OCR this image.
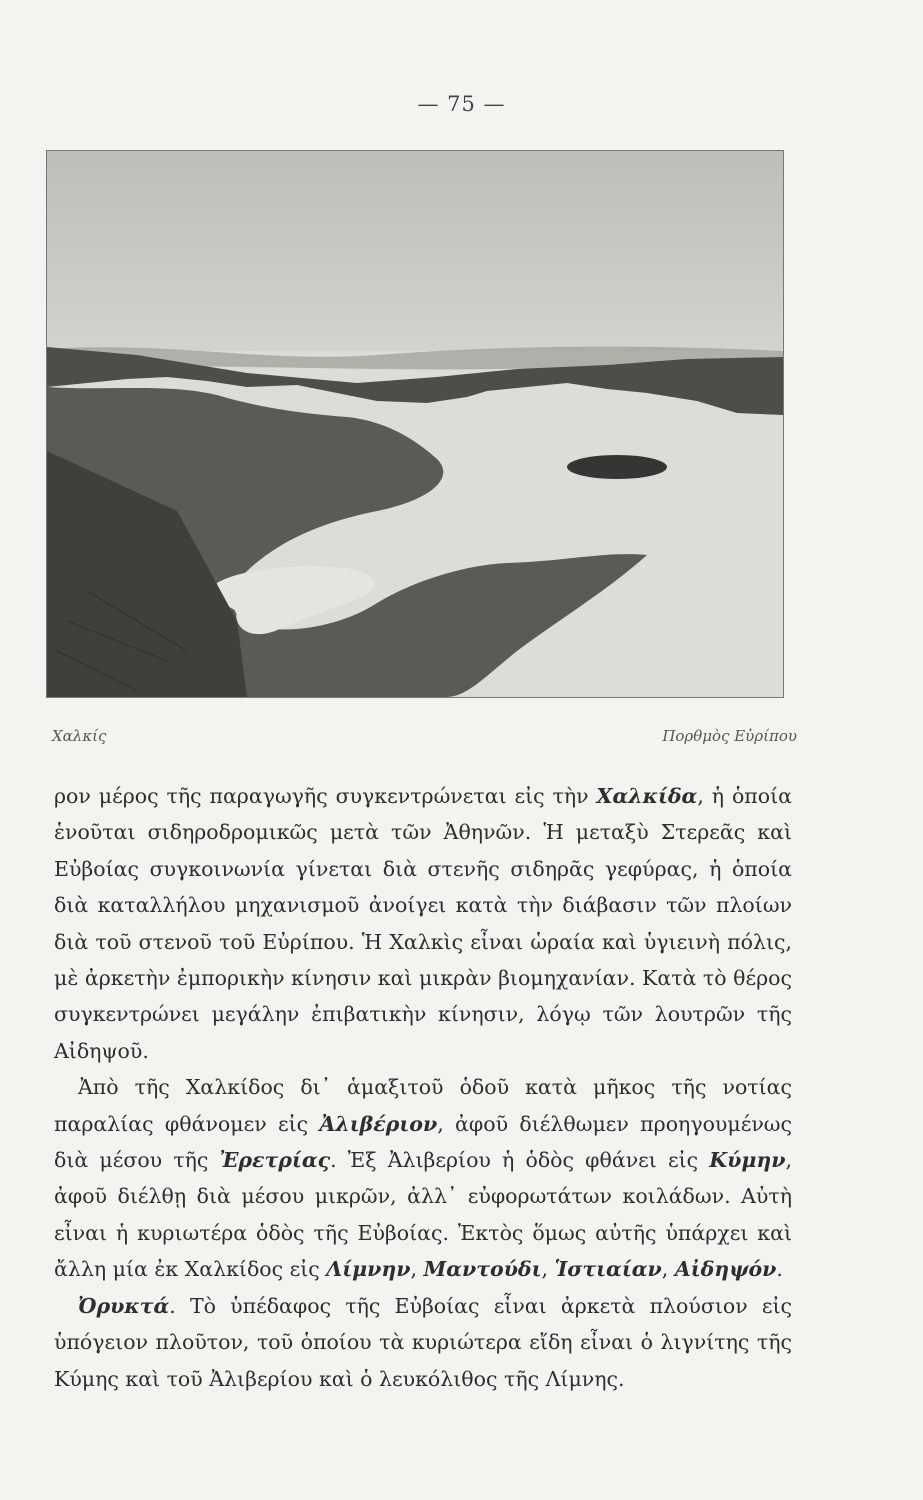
— 75 —
Χαλκίς	Πορθμὸς Εὐρίπου

ρον μέρος τῆς παραγωγῆς συγκεντρώνεται εἰς τὴν Χαλκίδα, ἡ ὁποία ἑνοῦται σιδηροδρομικῶς μετὰ τῶν Ἀθηνῶν. Ἡ μεταξὺ Στερεᾶς καὶ Εὐβοίας συγκοινωνία γίνεται διὰ στενῆς σιδηρᾶς γεφύρας, ἡ ὁποία διὰ καταλλήλου μηχανισμοῦ ἀνοίγει κατὰ τὴν διάβασιν τῶν πλοίων διὰ τοῦ στενοῦ τοῦ Εὐρίπου. Ἡ Χαλκὶς εἶναι ὡραία καὶ ὑγιεινὴ πόλις, μὲ ἀρκετὴν ἐμπορικὴν κίνησιν καὶ μικρὰν βιομηχανίαν. Κατὰ τὸ θέρος συγκεντρώνει μεγάλην ἐπιβατικὴν κίνησιν, λόγῳ τῶν λουτρῶν τῆς Αἰδηψοῦ.

Ἀπὸ τῆς Χαλκίδος δι᾽ ἁμαξιτοῦ ὁδοῦ κατὰ μῆκος τῆς νοτίας παραλίας φθάνομεν εἰς Ἀλιβέριον, ἀφοῦ διέλθωμεν προηγουμένως διὰ μέσου τῆς Ἐρετρίας. Ἐξ Ἀλιβερίου ἡ ὁδὸς φθάνει εἰς Κύμην, ἀφοῦ διέλθῃ διὰ μέσου μικρῶν, ἀλλ᾽ εὐφορωτάτων κοιλάδων. Αὐτὴ εἶναι ἡ κυριωτέρα ὁδὸς τῆς Εὐβοίας. Ἐκτὸς ὅμως αὐτῆς ὑπάρχει καὶ ἄλλη μία ἐκ Χαλκίδος εἰς Λίμνην, Μαντούδι, Ἱστιαίαν, Αἰδηψόν.

Ὀρυκτά. Τὸ ὑπέδαφος τῆς Εὐβοίας εἶναι ἀρκετὰ πλούσιον εἰς ὑπόγειον πλοῦτον, τοῦ ὁποίου τὰ κυριώτερα εἴδη εἶναι ὁ λιγνίτης τῆς Κύμης καὶ τοῦ Ἀλιβερίου καὶ ὁ λευκόλιθος τῆς Λίμνης.
